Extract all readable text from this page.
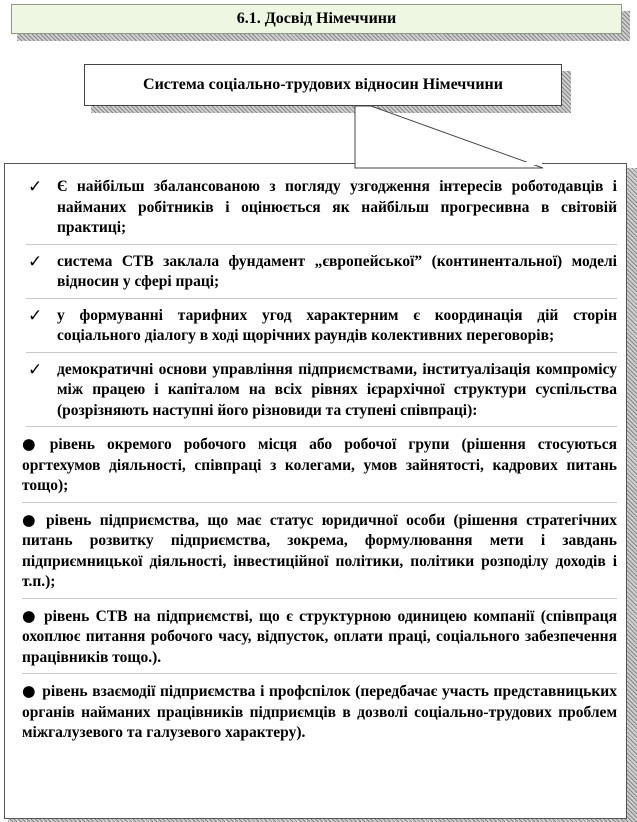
6.1. Досвід Німеччини
Система соціально-трудових відносин Німеччини
✓ Є найбільш збалансованою з погляду узгодження інтересів роботодавців і найманих робітників і оцінюється як найбільш прогресивна в світовій практиці;
✓ система СТВ заклала фундамент „європейської” (континентальної) моделі відносин у сфері праці;
✓ у формуванні тарифних угод характерним є координація дій сторін соціального діалогу в ході щорічних раундів колективних переговорів;
✓ демократичні основи управління підприємствами, інституалізація компромісу між працею і капіталом на всіх рівнях ієрархічної структури суспільства (розрізняють наступні його різновиди та ступені співпраці):
● рівень окремого робочого місця або робочої групи (рішення стосуються оргтехумов діяльності, співпраці з колегами, умов зайнятості, кадрових питань тощо);
● рівень підприємства, що має статус юридичної особи (рішення стратегічних питань розвитку підприємства, зокрема, формулювання мети і завдань підприємницької діяльності, інвестиційної політики, політики розподілу доходів і т.п.);
● рівень СТВ на підприємстві, що є структурною одиницею компанії (співпраця охоплює питання робочого часу, відпусток, оплати праці, соціального забезпечення працівників тощо.).
● рівень взаємодії підприємства і профспілок (передбачає участь представницьких органів найманих працівників підприємців в дозволі соціально-трудових проблем міжгалузевого та галузевого характеру).
